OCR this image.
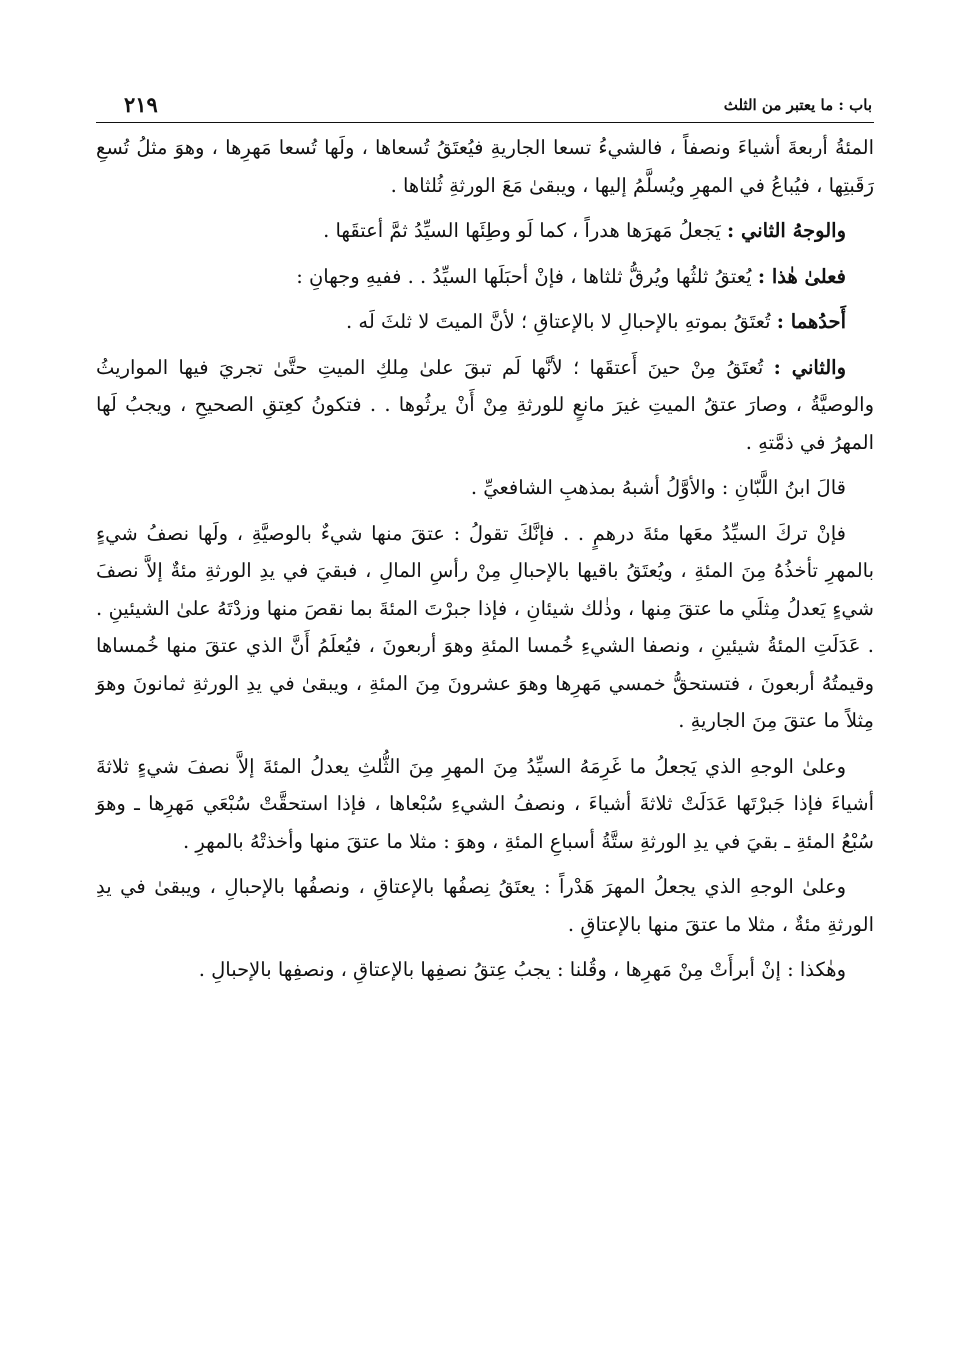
باب : ما يعتبر من الثلث
٢١٩

المئةُ أربعةَ أشياءَ ونصفاً ، فالشيءُ تسعا الجاريةِ فيُعتَقُ تُسعاها ، ولَها تُسعا مَهرِها ، وهوَ مثلُ تُسعِ رَقَبتِها ، فيُباعُ في المهرِ ويُسلَّمُ إليها ، ويبقىٰ مَعَ الورثةِ ثُلثاها .

والوجهُ الثاني : يَجعلُ مَهرَها هدراً ، كما لَو وطِئَها السيِّدُ ثمَّ أعتقَها .

فعلىٰ هٰذا : يُعتقُ ثلثُها ويُرقُّ ثلثاها ، فإنْ أحبَلَها السيِّدُ . . ففيهِ وجهانِ :

أَحدُهما : تُعتَقُ بموتهِ بالإحبالِ لا بالإعتاقِ ؛ لأنَّ الميتَ لا ثلثَ لَه .

والثاني : تُعتَقُ مِنْ حينَ أَعتقَها ؛ لأنَّها لَم تبقَ علىٰ مِلكِ الميتِ حتَّىٰ تجريَ فيها المواريثُ والوصيَّةُ ، وصارَ عتقُ الميتِ غيرَ مانعٍ للورثةِ مِنْ أَنْ يرثُوها . . فتكونُ كعِتقِ الصحيحِ ، ويجبُ لَها المهرُ في ذمَّتهِ .

قالَ ابنُ اللَّبّانِ : والأوَّلُ أشبهُ بمذهبِ الشافعيِّ .

فإنْ تركَ السيِّدُ معَها مئةَ درهمٍ . . فإنَّكَ تقولُ : عتقَ منها شيءٌ بالوصيَّةِ ، ولَها نصفُ شيءٍ بالمهرِ تأخذُهُ مِنَ المئةِ ، ويُعتَقُ باقيها بالإحبالِ مِنْ رأسِ المالِ ، فبقيَ في يدِ الورثةِ مئةٌ إلاَّ نصفَ شيءٍ يَعدلُ مِثلَي ما عتقَ مِنها ، وذٰلك شيئانِ ، فإذا جبرْتَ المئةَ بما نقصَ منها وزدْتَهُ علىٰ الشيئينِ . . عَدَلَتِ المئةُ شيئينِ ، ونصفا الشيءِ خُمسا المئةِ وهوَ أربعونَ ، فيُعلَمُ أَنَّ الذي عتقَ منها خُمساها وقيمتُهُ أربعونَ ، فتستحقُّ خمسي مَهرِها وهوَ عشرونَ مِنَ المئةِ ، ويبقىٰ في يدِ الورثةِ ثمانونَ وهوَ مِثلاً ما عتقَ مِنَ الجاريةِ .

وعلىٰ الوجهِ الذي يَجعلُ ما غَرِمَهُ السيِّدُ مِنَ المهرِ مِنَ الثُّلثِ يعدلُ المئةَ إلاَّ نصفَ شيءٍ ثلاثةَ أشياءَ فإذا جَبرْتَها عَدَلَتْ ثلاثةَ أشياءَ ، ونصفُ الشيءِ سُبْعاها ، فإذا استحقَّتْ سُبْعَي مَهرِها ـ وهوَ سُبْعُ المئةِ ـ بقيَ في يدِ الورثةِ ستَّةُ أسباعِ المئةِ ، وهوَ : مثلا ما عتقَ منها وأخذتْهُ بالمهرِ .

وعلىٰ الوجهِ الذي يجعلُ المهرَ هَدْراً : يعتَقُ نِصفُها بالإعتاقِ ، ونصفُها بالإحبالِ ، ويبقىٰ في يدِ الورثةِ مئةٌ ، مثلا ما عتقَ منها بالإعتاقِ .

وهٰكذا : إنْ أبرأَتْ مِنْ مَهرِها ، وقُلنا : يجبُ عِتقُ نصفِها بالإعتاقِ ، ونصفِها بالإحبالِ .
